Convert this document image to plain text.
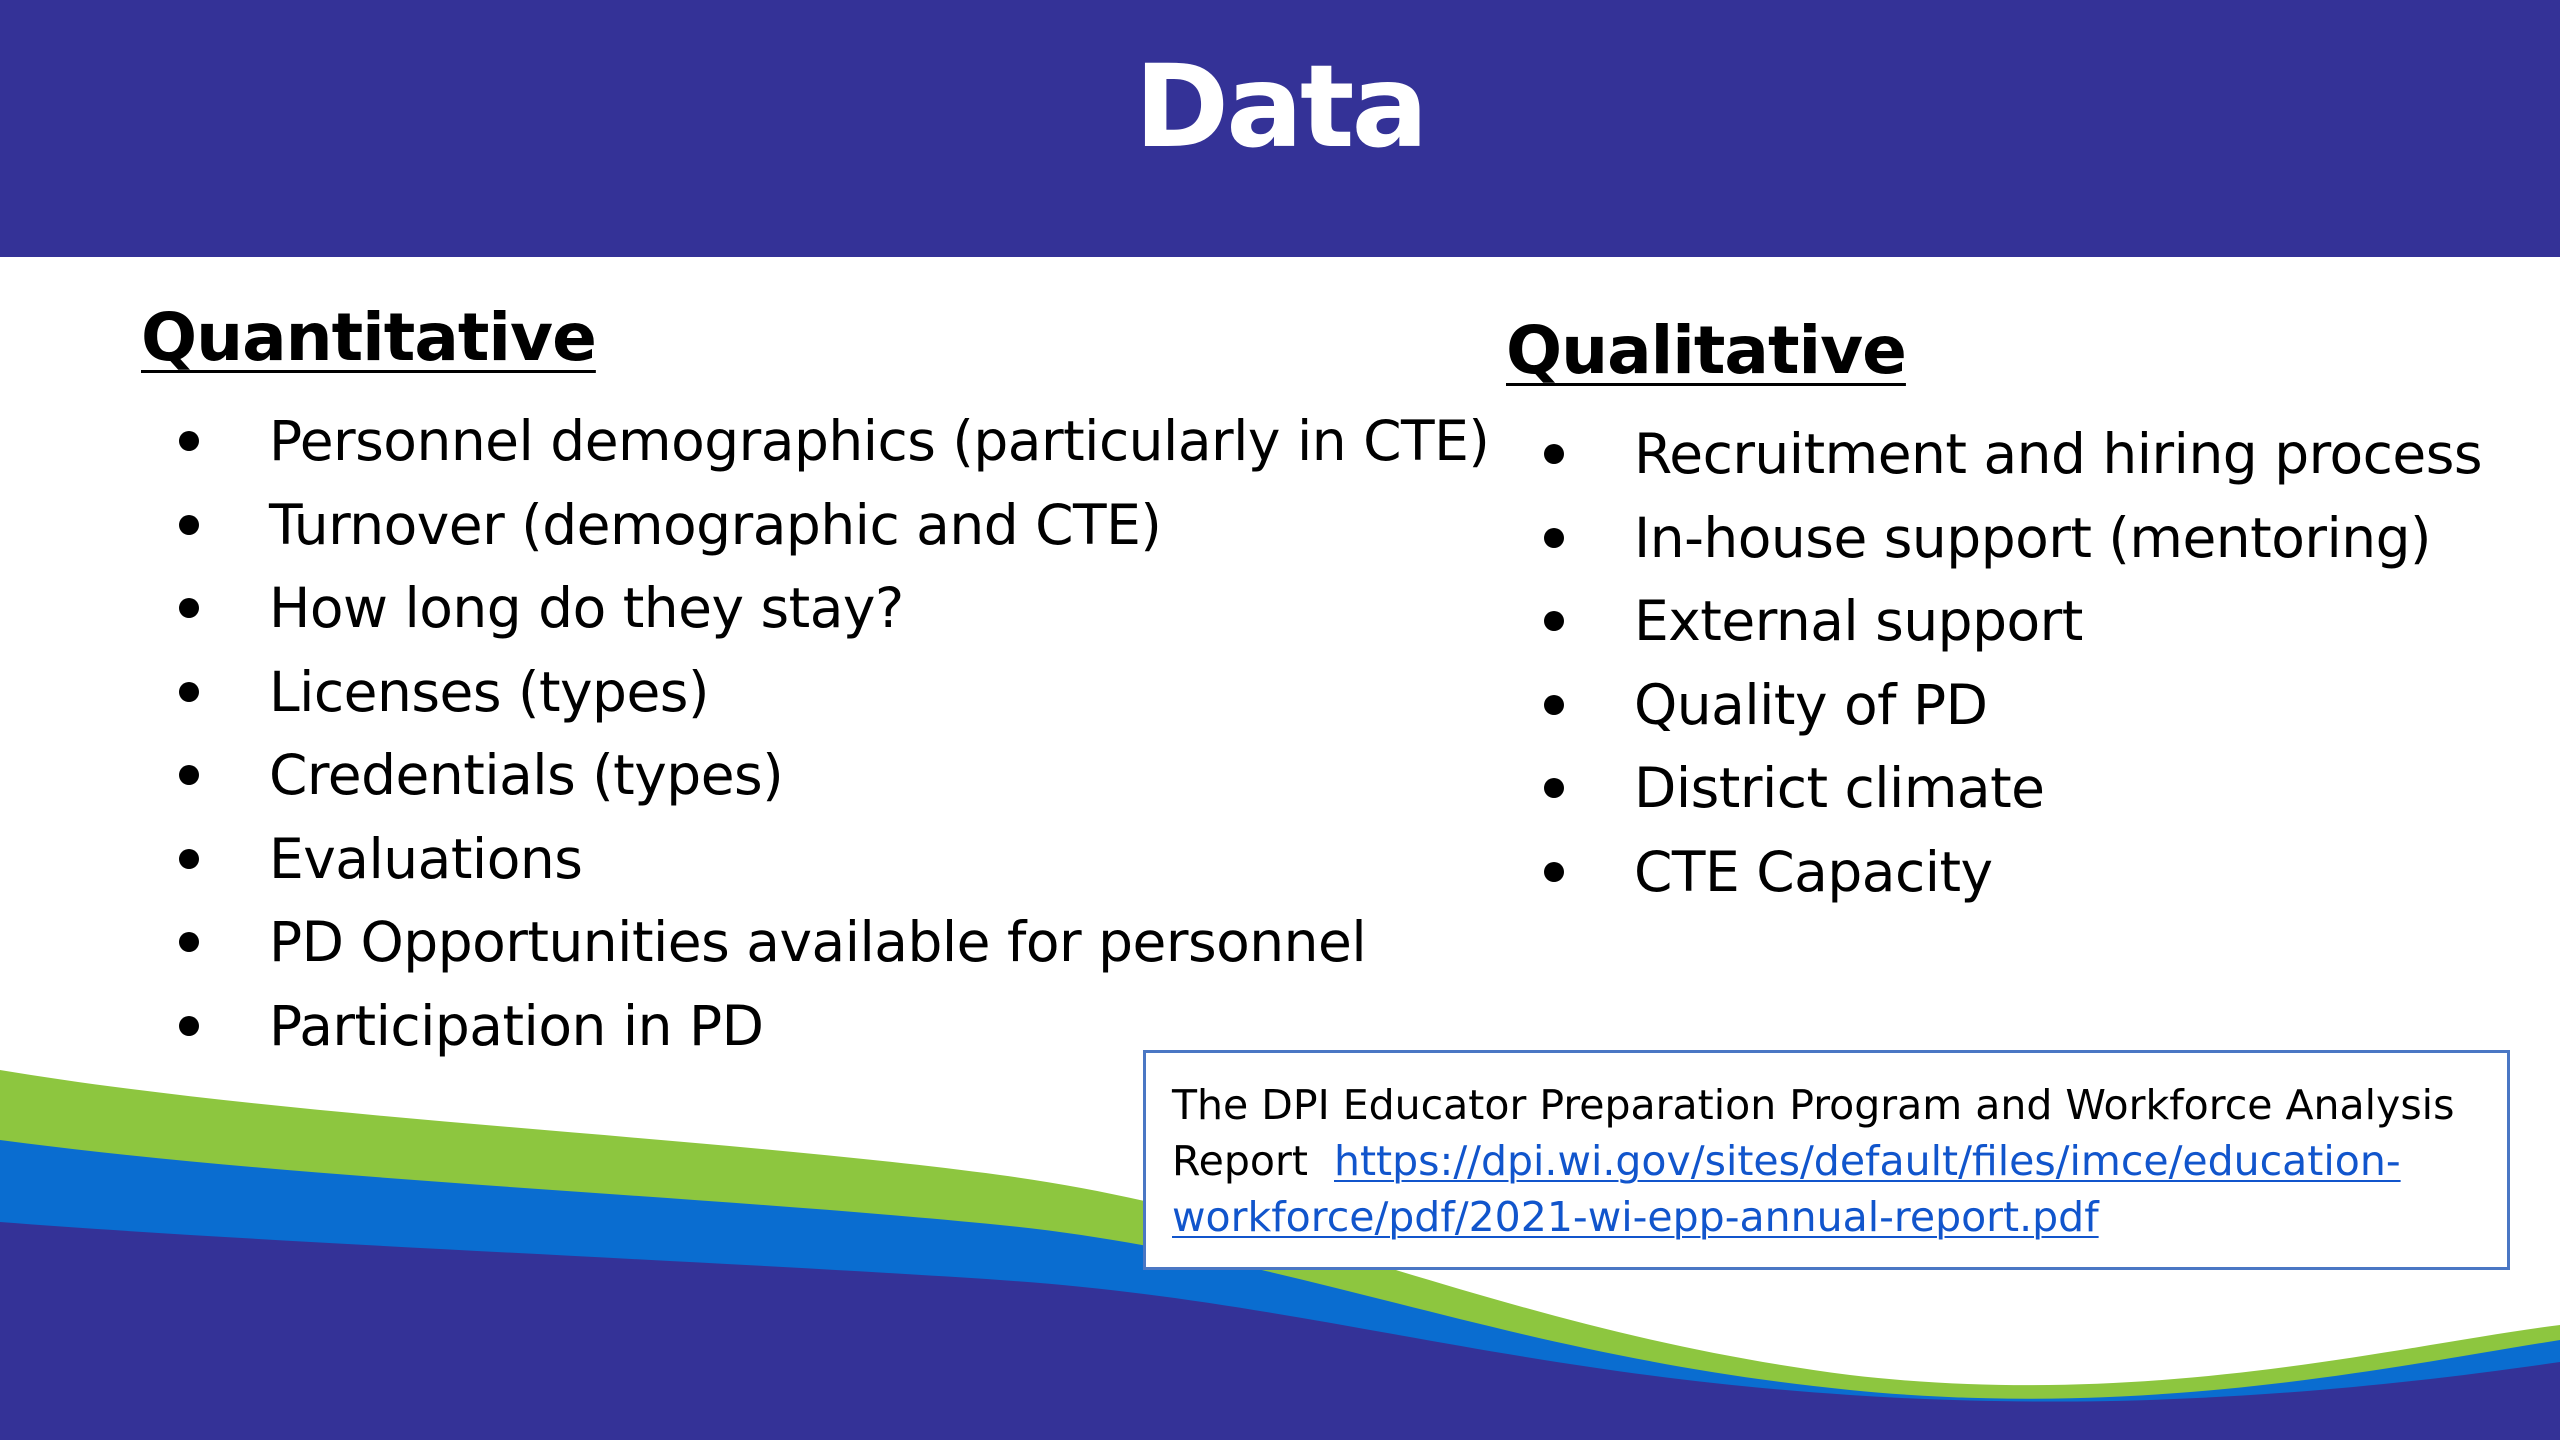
Data
Quantitative
Personnel demographics (particularly in CTE)
Turnover (demographic and CTE)
How long do they stay?
Licenses (types)
Credentials (types)
Evaluations
PD Opportunities available for personnel
Participation in PD
Qualitative
Recruitment and hiring process
In-house support (mentoring)
External support
Quality of PD
District climate
CTE Capacity
The DPI Educator Preparation Program and Workforce Analysis Report https://dpi.wi.gov/sites/default/files/imce/education-workforce/pdf/2021-wi-epp-annual-report.pdf
